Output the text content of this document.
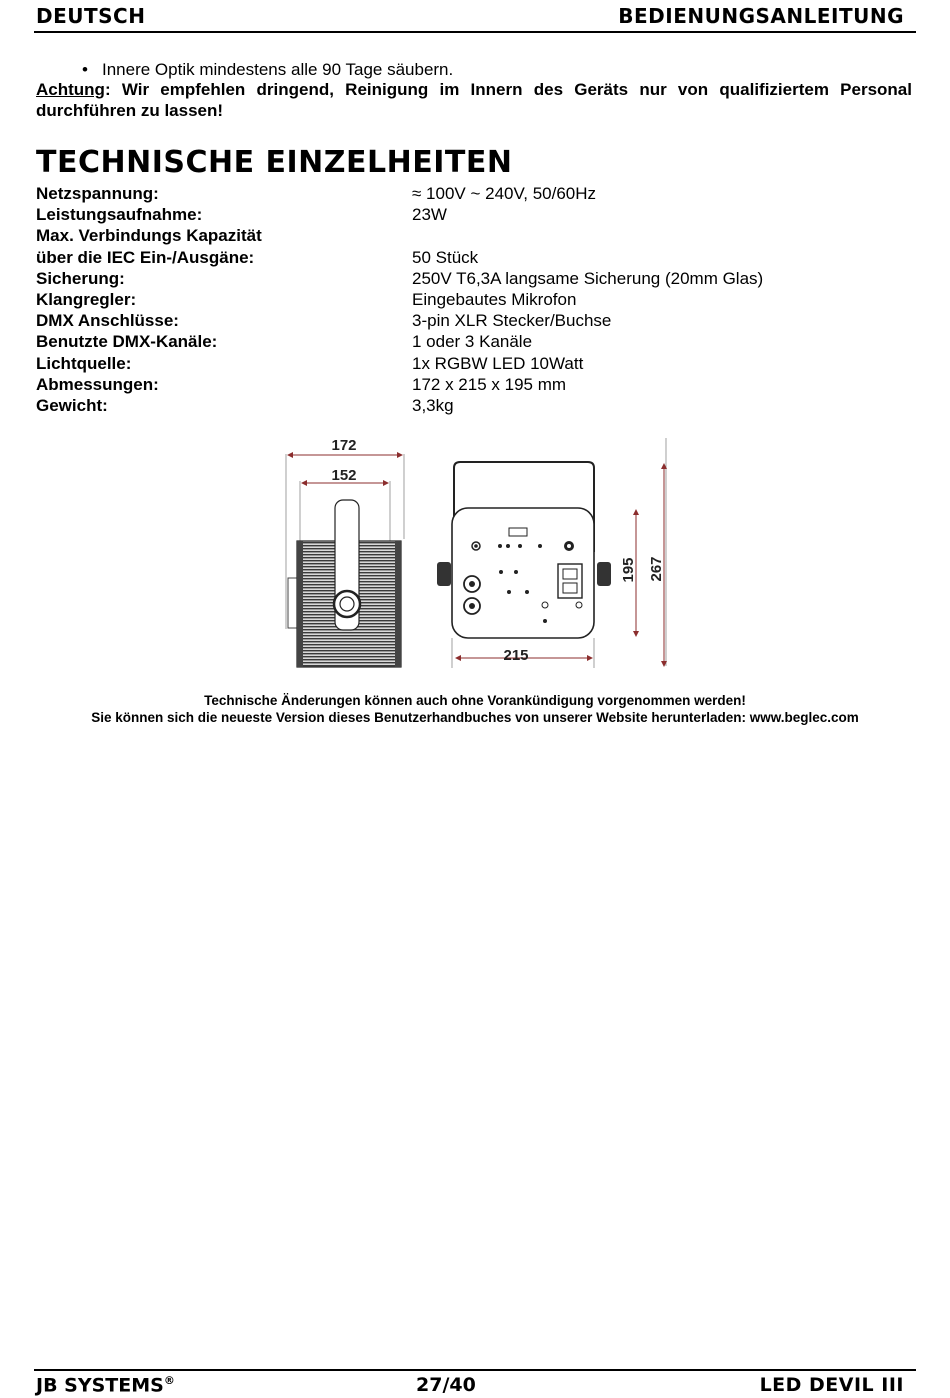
DEUTSCH	BEDIENUNGSANLEITUNG
• Innere Optik mindestens alle 90 Tage säubern.
Achtung: Wir empfehlen dringend, Reinigung im Innern des Geräts nur von qualifiziertem Personal durchführen zu lassen!
TECHNISCHE EINZELHEITEN
Netzspannung:	≈ 100V ~ 240V, 50/60Hz
Leistungsaufnahme:	23W
Max. Verbindungs Kapazität
über die IEC Ein-/Ausgäne:	50 Stück
Sicherung:	250V T6,3A langsame Sicherung (20mm Glas)
Klangregler:	Eingebautes Mikrofon
DMX Anschlüsse:	3-pin XLR Stecker/Buchse
Benutzte DMX-Kanäle:	1 oder 3 Kanäle
Lichtquelle:	1x RGBW LED 10Watt
Abmessungen:	172 x 215 x 195 mm
Gewicht:	3,3kg
172
152
215
195 267
Technische Änderungen können auch ohne Vorankündigung vorgenommen werden!
Sie können sich die neueste Version dieses Benutzerhandbuches von unserer Website herunterladen: www.beglec.com
JB SYSTEMS®	27/40	LED DEVIL III
